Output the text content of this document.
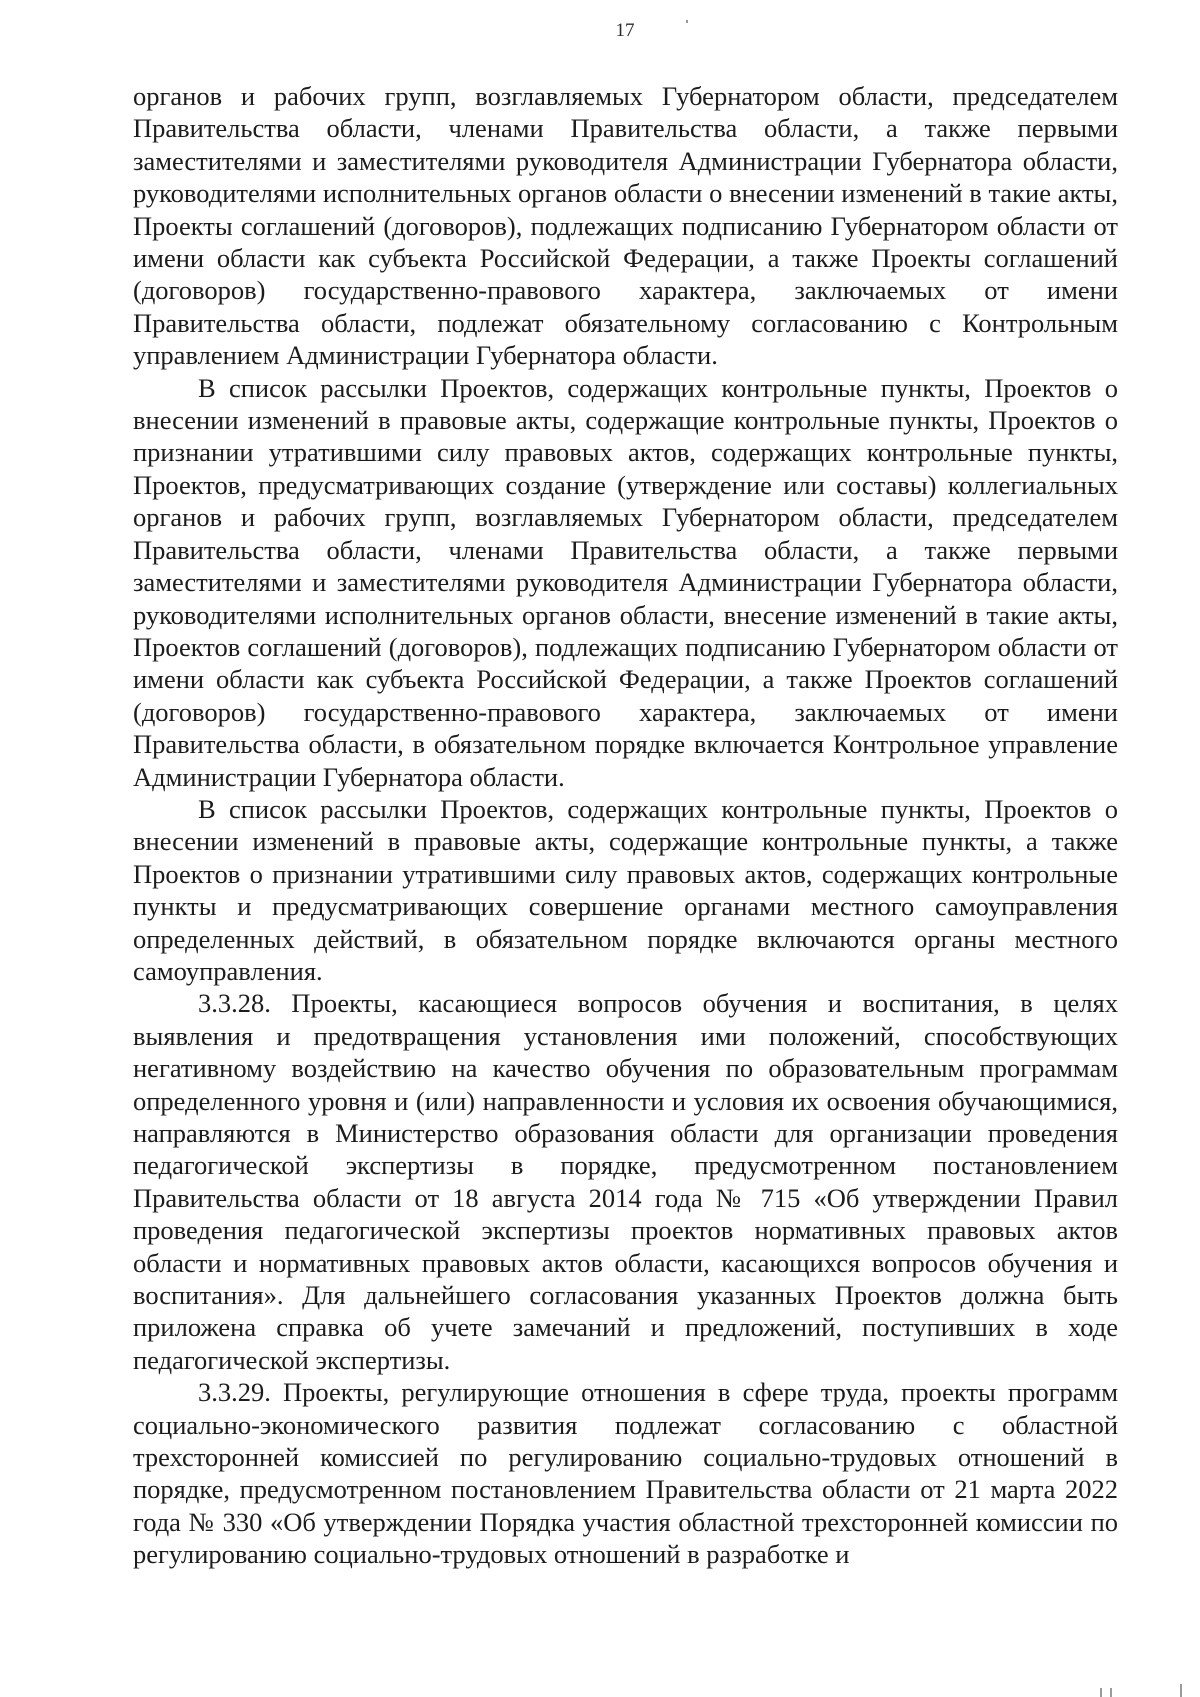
17

органов и рабочих групп, возглавляемых Губернатором области, председателем Правительства области, членами Правительства области, а также первыми заместителями и заместителями руководителя Администрации Губернатора области, руководителями исполнительных органов области о внесении изменений в такие акты, Проекты соглашений (договоров), подлежащих подписанию Губернатором области от имени области как субъекта Российской Федерации, а также Проекты соглашений (договоров) государственно-правового характера, заключаемых от имени Правительства области, подлежат обязательному согласованию с Контрольным управлением Администрации Губернатора области.

В список рассылки Проектов, содержащих контрольные пункты, Проектов о внесении изменений в правовые акты, содержащие контрольные пункты, Проектов о признании утратившими силу правовых актов, содержащих контрольные пункты, Проектов, предусматривающих создание (утверждение или составы) коллегиальных органов и рабочих групп, возглавляемых Губернатором области, председателем Правительства области, членами Правительства области, а также первыми заместителями и заместителями руководителя Администрации Губернатора области, руководителями исполнительных органов области, внесение изменений в такие акты, Проектов соглашений (договоров), подлежащих подписанию Губернатором области от имени области как субъекта Российской Федерации, а также Проектов соглашений (договоров) государственно-правового характера, заключаемых от имени Правительства области, в обязательном порядке включается Контрольное управление Администрации Губернатора области.

В список рассылки Проектов, содержащих контрольные пункты, Проектов о внесении изменений в правовые акты, содержащие контрольные пункты, а также Проектов о признании утратившими силу правовых актов, содержащих контрольные пункты и предусматривающих совершение органами местного самоуправления определенных действий, в обязательном порядке включаются органы местного самоуправления.

3.3.28. Проекты, касающиеся вопросов обучения и воспитания, в целях выявления и предотвращения установления ими положений, способствующих негативному воздействию на качество обучения по образовательным программам определенного уровня и (или) направленности и условия их освоения обучающимися, направляются в Министерство образования области для организации проведения педагогической экспертизы в порядке, предусмотренном постановлением Правительства области от 18 августа 2014 года № 715 «Об утверждении Правил проведения педагогической экспертизы проектов нормативных правовых актов области и нормативных правовых актов области, касающихся вопросов обучения и воспитания». Для дальнейшего согласования указанных Проектов должна быть приложена справка об учете замечаний и предложений, поступивших в ходе педагогической экспертизы.

3.3.29. Проекты, регулирующие отношения в сфере труда, проекты программ социально-экономического развития подлежат согласованию с областной трехсторонней комиссией по регулированию социально-трудовых отношений в порядке, предусмотренном постановлением Правительства области от 21 марта 2022 года № 330 «Об утверждении Порядка участия областной трехсторонней комиссии по регулированию социально-трудовых отношений в разработке и
